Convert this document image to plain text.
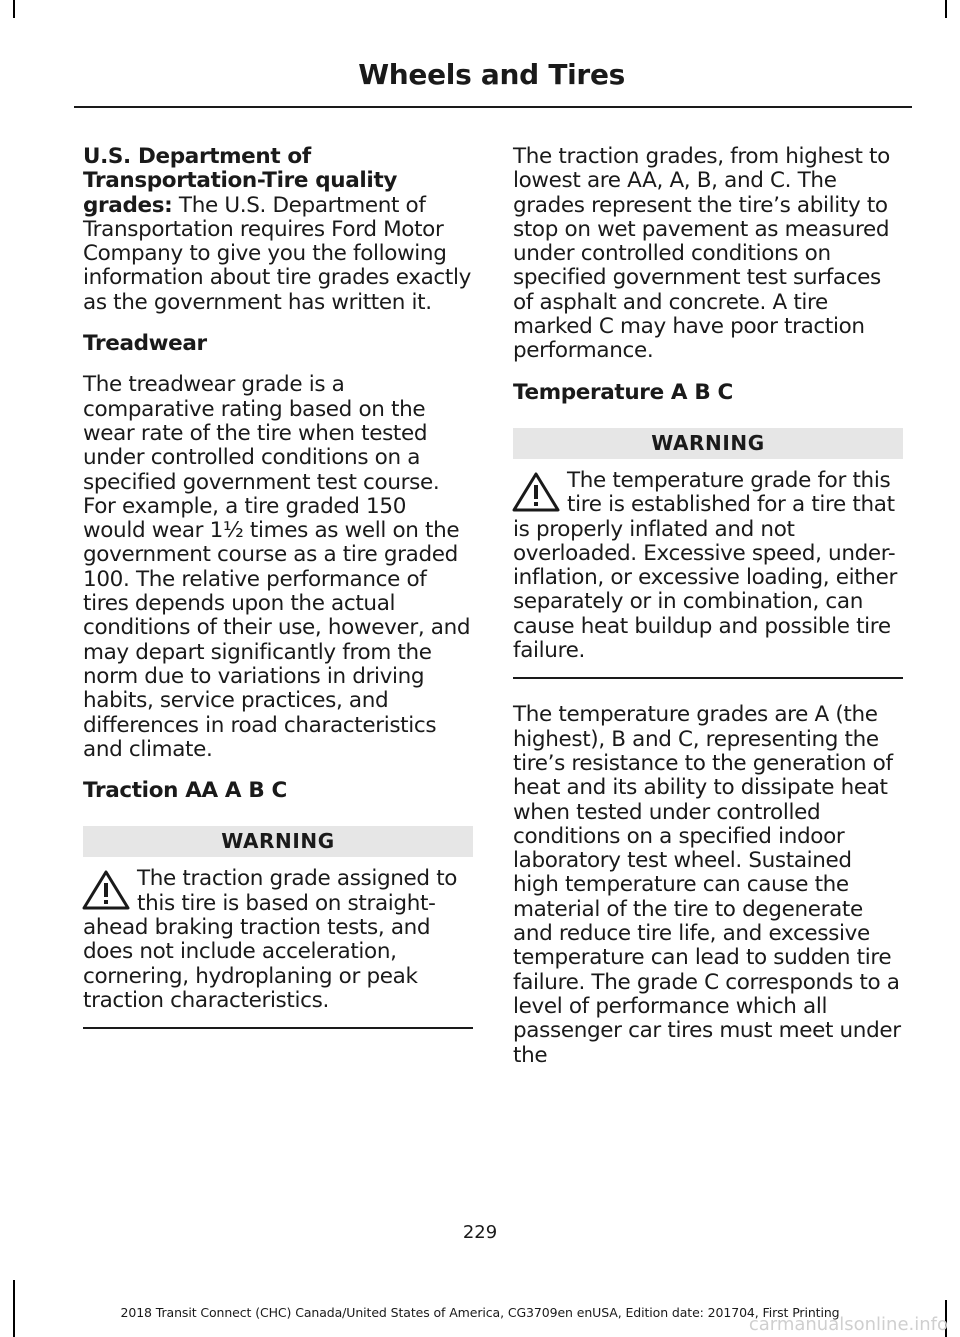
Wheels and Tires

U.S. Department of Transportation-Tire quality grades: The U.S. Department of Transportation requires Ford Motor Company to give you the following information about tire grades exactly as the government has written it.

Treadwear

The treadwear grade is a comparative rating based on the wear rate of the tire when tested under controlled conditions on a specified government test course. For example, a tire graded 150 would wear 1½ times as well on the government course as a tire graded 100. The relative performance of tires depends upon the actual conditions of their use, however, and may depart significantly from the norm due to variations in driving habits, service practices, and differences in road characteristics and climate.

Traction AA A B C
WARNING
The traction grade assigned to this tire is based on straight-ahead braking traction tests, and does not include acceleration, cornering, hydroplaning or peak traction characteristics.

The traction grades, from highest to lowest are AA, A, B, and C. The grades represent the tire’s ability to stop on wet pavement as measured under controlled conditions on specified government test surfaces of asphalt and concrete. A tire marked C may have poor traction performance.

Temperature A B C
WARNING
The temperature grade for this tire is established for a tire that is properly inflated and not overloaded. Excessive speed, under-inflation, or excessive loading, either separately or in combination, can cause heat buildup and possible tire failure.

The temperature grades are A (the highest), B and C, representing the tire’s resistance to the generation of heat and its ability to dissipate heat when tested under controlled conditions on a specified indoor laboratory test wheel. Sustained high temperature can cause the material of the tire to degenerate and reduce tire life, and excessive temperature can lead to sudden tire failure. The grade C corresponds to a level of performance which all passenger car tires must meet under the

229
2018 Transit Connect (CHC) Canada/United States of America, CG3709en enUSA, Edition date: 201704, First Printing
carmanualsonline.info
